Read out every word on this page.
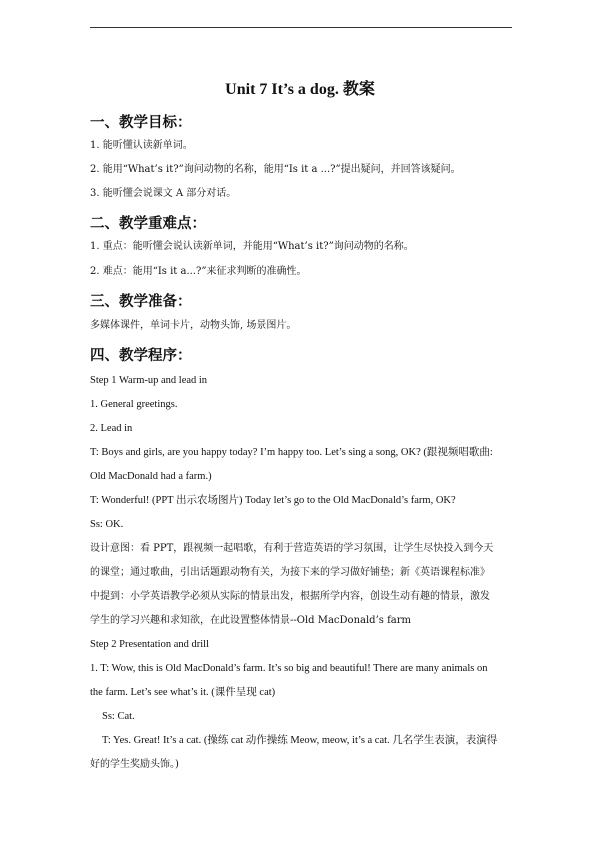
Unit 7 It’s a dog. 教案
一、教学目标：
1. 能听懂认读新单词。
2. 能用“What’s it?”询问动物的名称，能用“Is it a ...?”提出疑问，并回答该疑问。
3. 能听懂会说课文 A 部分对话。
二、教学重难点：
1. 重点：能听懂会说认读新单词，并能用“What’s it?”询问动物的名称。
2. 难点：能用“Is it a...?”来征求判断的准确性。
三、教学准备：
多媒体课件，单词卡片，动物头饰, 场景图片。
四、教学程序：
Step 1 Warm-up and lead in
1. General greetings.
2. Lead in
T: Boys and girls, are you happy today? I’m happy too. Let’s sing a song, OK? (跟视频唱歌曲:
Old MacDonald had a farm.)
T: Wonderful! (PPT 出示农场图片) Today let’s go to the Old MacDonald’s farm, OK?
Ss: OK.
设计意图：看 PPT，跟视频一起唱歌，有利于营造英语的学习氛围，让学生尽快投入到今天
的课堂；通过歌曲，引出话题跟动物有关，为接下来的学习做好铺垫；新《英语课程标准》
中提到：小学英语教学必须从实际的情景出发，根据所学内容，创设生动有趣的情景，激发
学生的学习兴趣和求知欲，在此设置整体情景--Old MacDonald’s farm
Step 2 Presentation and drill
1. T: Wow, this is Old MacDonald’s farm. It’s so big and beautiful! There are many animals on
the farm. Let’s see what’s it. (课件呈现 cat)
Ss: Cat.
T: Yes. Great! It’s a cat. (操练 cat 动作操练 Meow, meow, it’s a cat. 几名学生表演，表演得
好的学生奖励头饰。)
